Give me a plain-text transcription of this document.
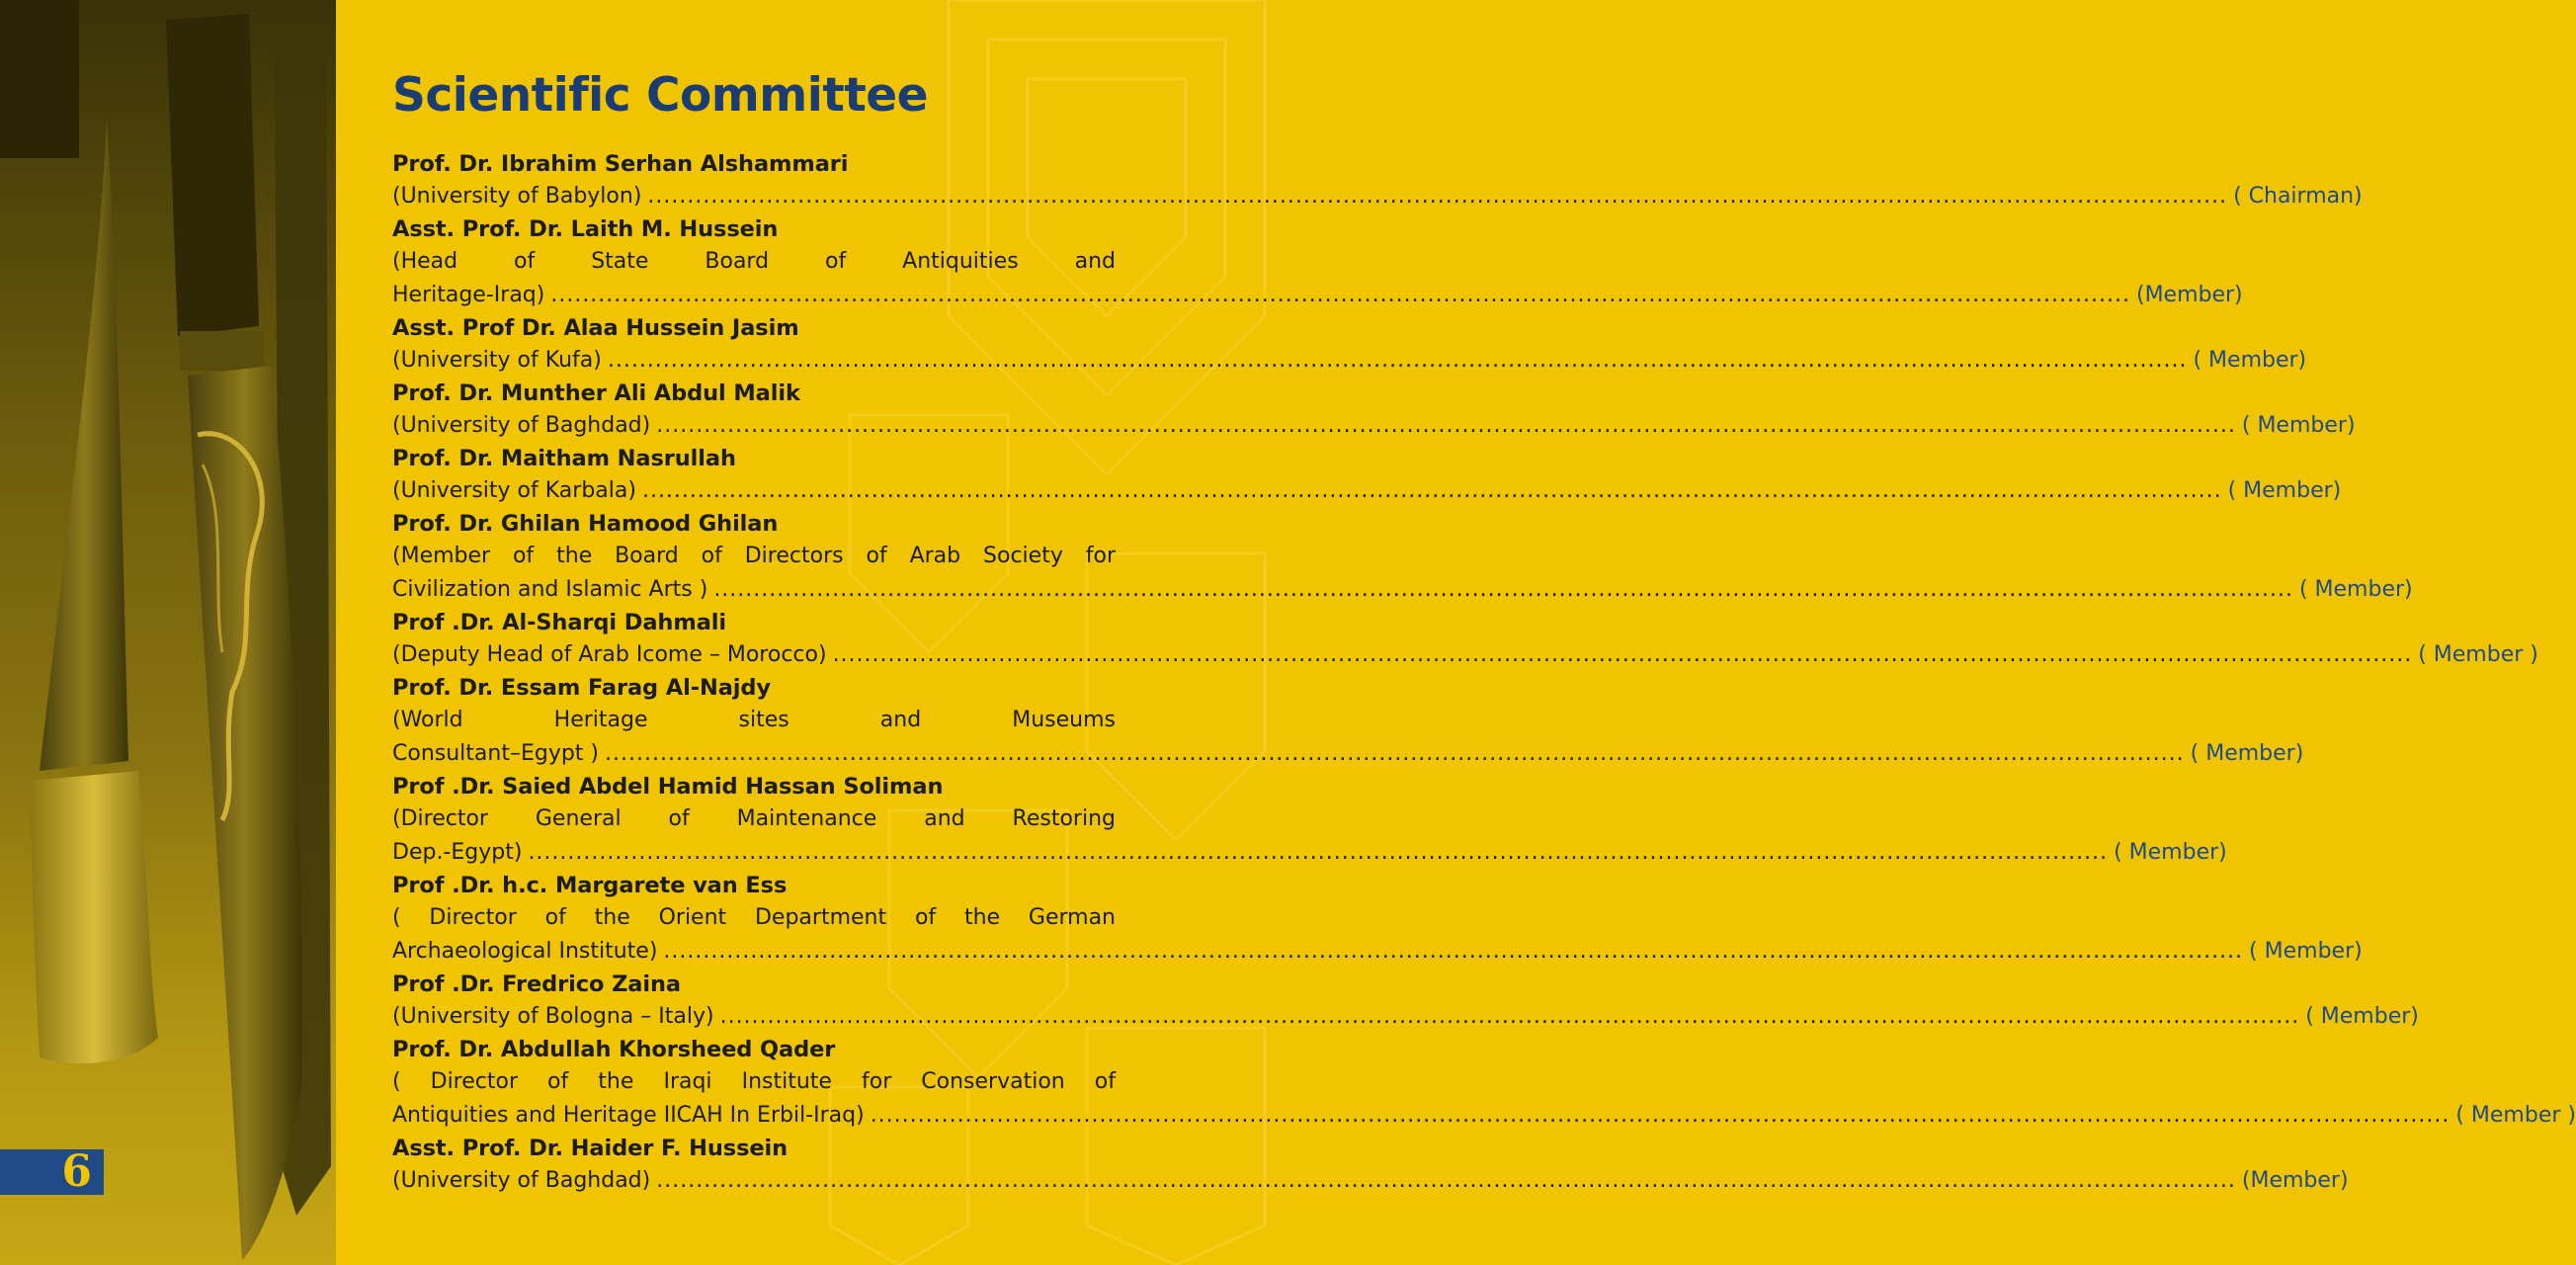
6
Scientific Committee
Prof. Dr. Ibrahim Serhan Alshammari
(University of Babylon) ........................................................................................................................................................................................................ ( Chairman)
Asst. Prof. Dr. Laith M. Hussein
(Head of State Board of Antiquities and
Heritage-Iraq) ........................................................................................................................................................................................................ (Member)
Asst. Prof Dr. Alaa Hussein Jasim
(University of Kufa) ........................................................................................................................................................................................................ ( Member)
Prof. Dr. Munther Ali Abdul Malik
(University of Baghdad) ........................................................................................................................................................................................................ ( Member)
Prof. Dr. Maitham Nasrullah
(University of Karbala) ........................................................................................................................................................................................................ ( Member)
Prof. Dr. Ghilan Hamood Ghilan
(Member of the Board of Directors of Arab Society for
Civilization and Islamic Arts ) ........................................................................................................................................................................................................ ( Member)
Prof .Dr. Al-Sharqi Dahmali
(Deputy Head of Arab Icome – Morocco) ........................................................................................................................................................................................................ ( Member )
Prof. Dr. Essam Farag Al-Najdy
(World Heritage sites and Museums
Consultant–Egypt ) ........................................................................................................................................................................................................ ( Member)
Prof .Dr. Saied Abdel Hamid Hassan Soliman
(Director General of Maintenance and Restoring
Dep.-Egypt) ........................................................................................................................................................................................................ ( Member)
Prof .Dr. h.c. Margarete van Ess
( Director of the Orient Department of the German
Archaeological Institute) ........................................................................................................................................................................................................ ( Member)
Prof .Dr. Fredrico Zaina
(University of Bologna – Italy) ........................................................................................................................................................................................................ ( Member)
Prof. Dr. Abdullah Khorsheed Qader
( Director of the Iraqi Institute for Conservation of
Antiquities and Heritage IICAH In Erbil-Iraq) ........................................................................................................................................................................................................ ( Member )
Asst. Prof. Dr. Haider F. Hussein
(University of Baghdad) ........................................................................................................................................................................................................ (Member)
